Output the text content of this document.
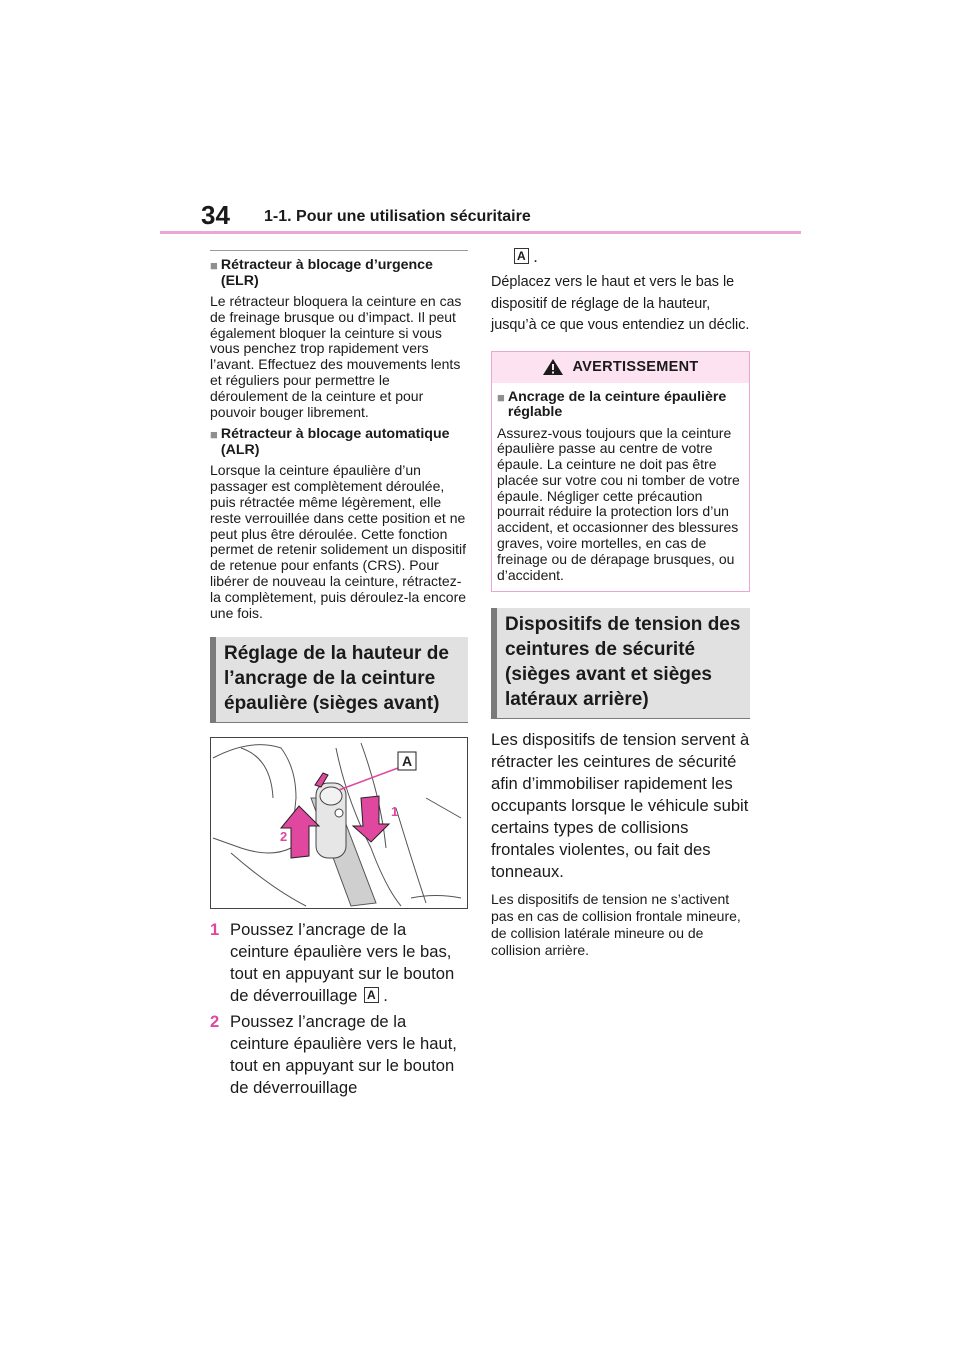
34 1-1. Pour une utilisation sécuritaire
■ Rétracteur à blocage d’urgence (ELR)

Le rétracteur bloquera la ceinture en cas de freinage brusque ou d’impact. Il peut également bloquer la ceinture si vous vous penchez trop rapidement vers l’avant. Effectuez des mouvements lents et réguliers pour permettre le déroulement de la ceinture et pour pouvoir bouger librement.

■ Rétracteur à blocage automatique (ALR)

Lorsque la ceinture épaulière d’un passager est complètement déroulée, puis rétractée même légèrement, elle reste verrouillée dans cette position et ne peut plus être déroulée. Cette fonction permet de retenir solidement un dispositif de retenue pour enfants (CRS). Pour libérer de nouveau la ceinture, rétractez-la complètement, puis déroulez-la encore une fois.

Réglage de la hauteur de l’ancrage de la ceinture épaulière (sièges avant)
A
1
2
1 Poussez l’ancrage de la ceinture épaulière vers le bas, tout en appuyant sur le bouton de déverrouillage A .
2 Poussez l’ancrage de la ceinture épaulière vers le haut, tout en appuyant sur le bouton de déverrouillage
A .

Déplacez vers le haut et vers le bas le dispositif de réglage de la hauteur, jusqu’à ce que vous entendiez un déclic.

AVERTISSEMENT
■ Ancrage de la ceinture épaulière réglable

Assurez-vous toujours que la ceinture épaulière passe au centre de votre épaule. La ceinture ne doit pas être placée sur votre cou ni tomber de votre épaule. Négliger cette précaution pourrait réduire la protection lors d’un accident, et occasionner des blessures graves, voire mortelles, en cas de freinage ou de dérapage brusques, ou d’accident.

Dispositifs de tension des ceintures de sécurité (sièges avant et sièges latéraux arrière)

Les dispositifs de tension servent à rétracter les ceintures de sécurité afin d’immobiliser rapidement les occupants lorsque le véhicule subit certains types de collisions frontales violentes, ou fait des tonneaux.

Les dispositifs de tension ne s’activent pas en cas de collision frontale mineure, de collision latérale mineure ou de collision arrière.
